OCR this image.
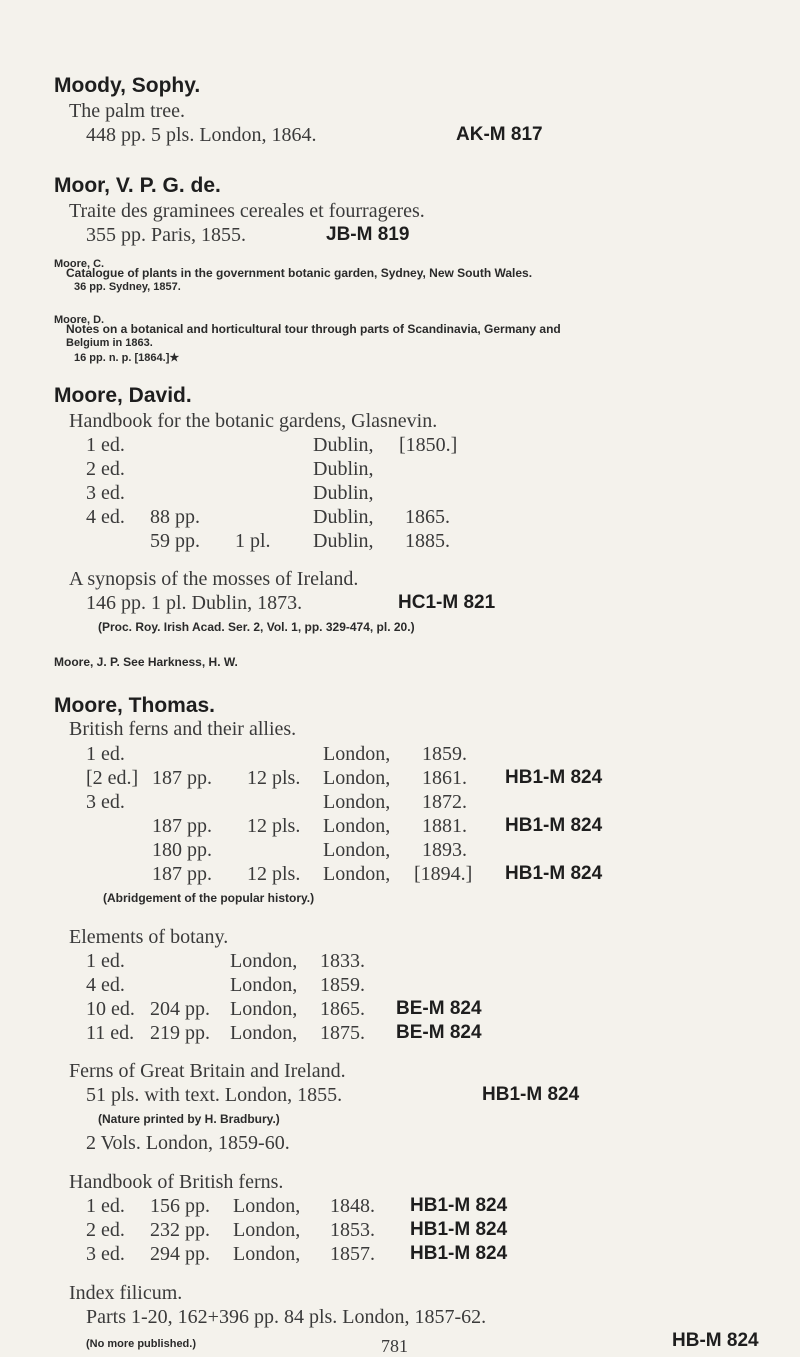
Moody, Sophy.
The palm tree.
448 pp. 5 pls. London, 1864.	AK-M 817
Moor, V. P. G. de.
Traite des graminees cereales et fourrageres.
355 pp. Paris, 1855.	JB-M 819
Moore, C.
Catalogue of plants in the government botanic garden, Sydney, New South Wales.
36 pp. Sydney, 1857.
Moore, D.
Notes on a botanical and horticultural tour through parts of Scandinavia, Germany and
Belgium in 1863.
16 pp. n. p. [1864.]★
Moore, David.
Handbook for the botanic gardens, Glasnevin.
1 ed.	Dublin, [1850.]
2 ed.	Dublin,
3 ed.	Dublin,
4 ed. 88 pp.	Dublin, 1865.
59 pp. 1 pl. Dublin, 1885.
A synopsis of the mosses of Ireland.
146 pp. 1 pl. Dublin, 1873.	HC1-M 821
(Proc. Roy. Irish Acad. Ser. 2, Vol. 1, pp. 329-474, pl. 20.)
Moore, J. P. See Harkness, H. W.
Moore, Thomas.
British ferns and their allies.
1 ed.	London, 1859.
[2 ed.] 187 pp. 12 pls. London, 1861. HB1-M 824
3 ed.	London, 1872.
187 pp. 12 pls. London, 1881. HB1-M 824
180 pp.	London, 1893.
187 pp. 12 pls. London, [1894.] HB1-M 824
(Abridgement of the popular history.)
Elements of botany.
1 ed.	London, 1833.
4 ed.	London, 1859.
10 ed. 204 pp. London, 1865. BE-M 824
11 ed. 219 pp. London, 1875. BE-M 824
Ferns of Great Britain and Ireland.
51 pls. with text. London, 1855.	HB1-M 824
(Nature printed by H. Bradbury.)
2 Vols. London, 1859-60.
Handbook of British ferns.
1 ed. 156 pp. London, 1848. HB1-M 824
2 ed. 232 pp. London, 1853. HB1-M 824
3 ed. 294 pp. London, 1857. HB1-M 824
Index filicum.
Parts 1-20, 162+396 pp. 84 pls. London, 1857-62.
HB-M 824
(No more published.)	781
